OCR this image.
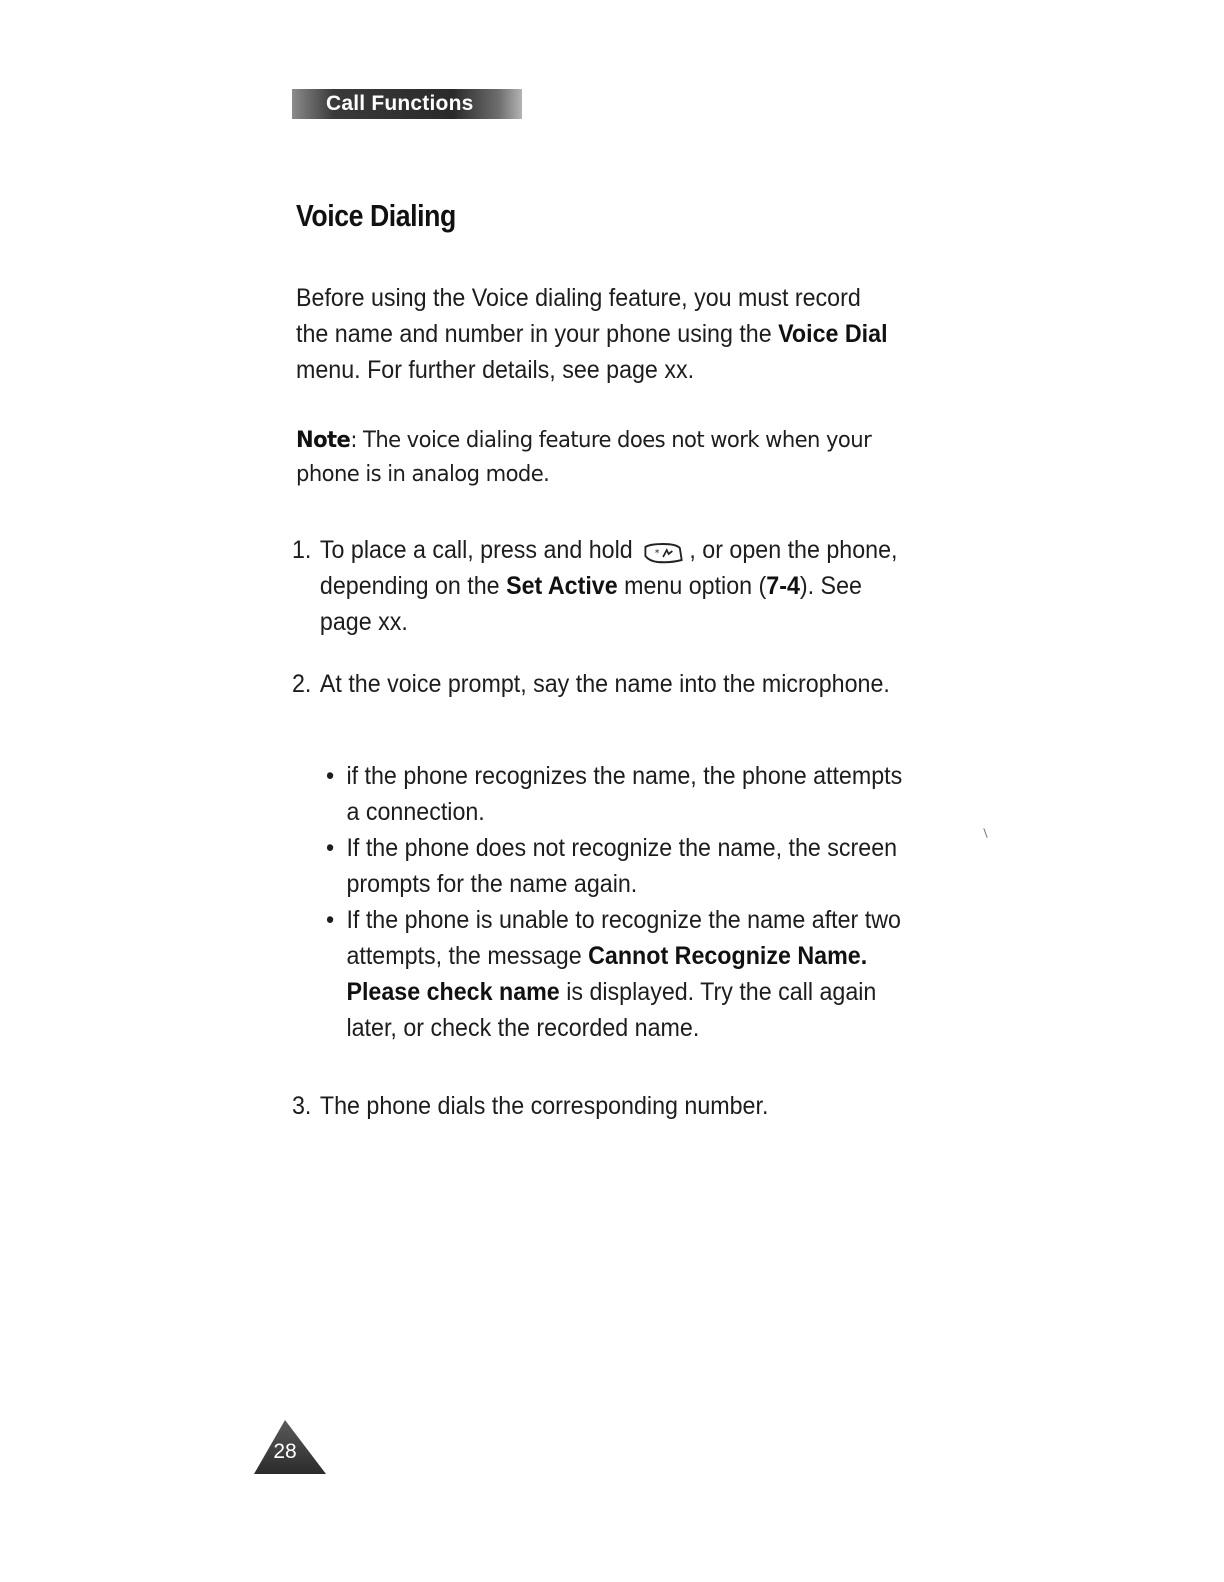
Call Functions
Voice Dialing

Before using the Voice dialing feature, you must record the name and number in your phone using the Voice Dial menu. For further details, see page xx.

Note: The voice dialing feature does not work when your phone is in analog mode.

1. To place a call, press and hold * , or open the phone, depending on the Set Active menu option (7-4). See page xx.
2. At the voice prompt, say the name into the microphone.
• if the phone recognizes the name, the phone attempts a connection.
• If the phone does not recognize the name, the screen prompts for the name again.
• If the phone is unable to recognize the name after two attempts, the message Cannot Recognize Name. Please check name is displayed. Try the call again later, or check the recorded name.
3. The phone dials the corresponding number.
28
